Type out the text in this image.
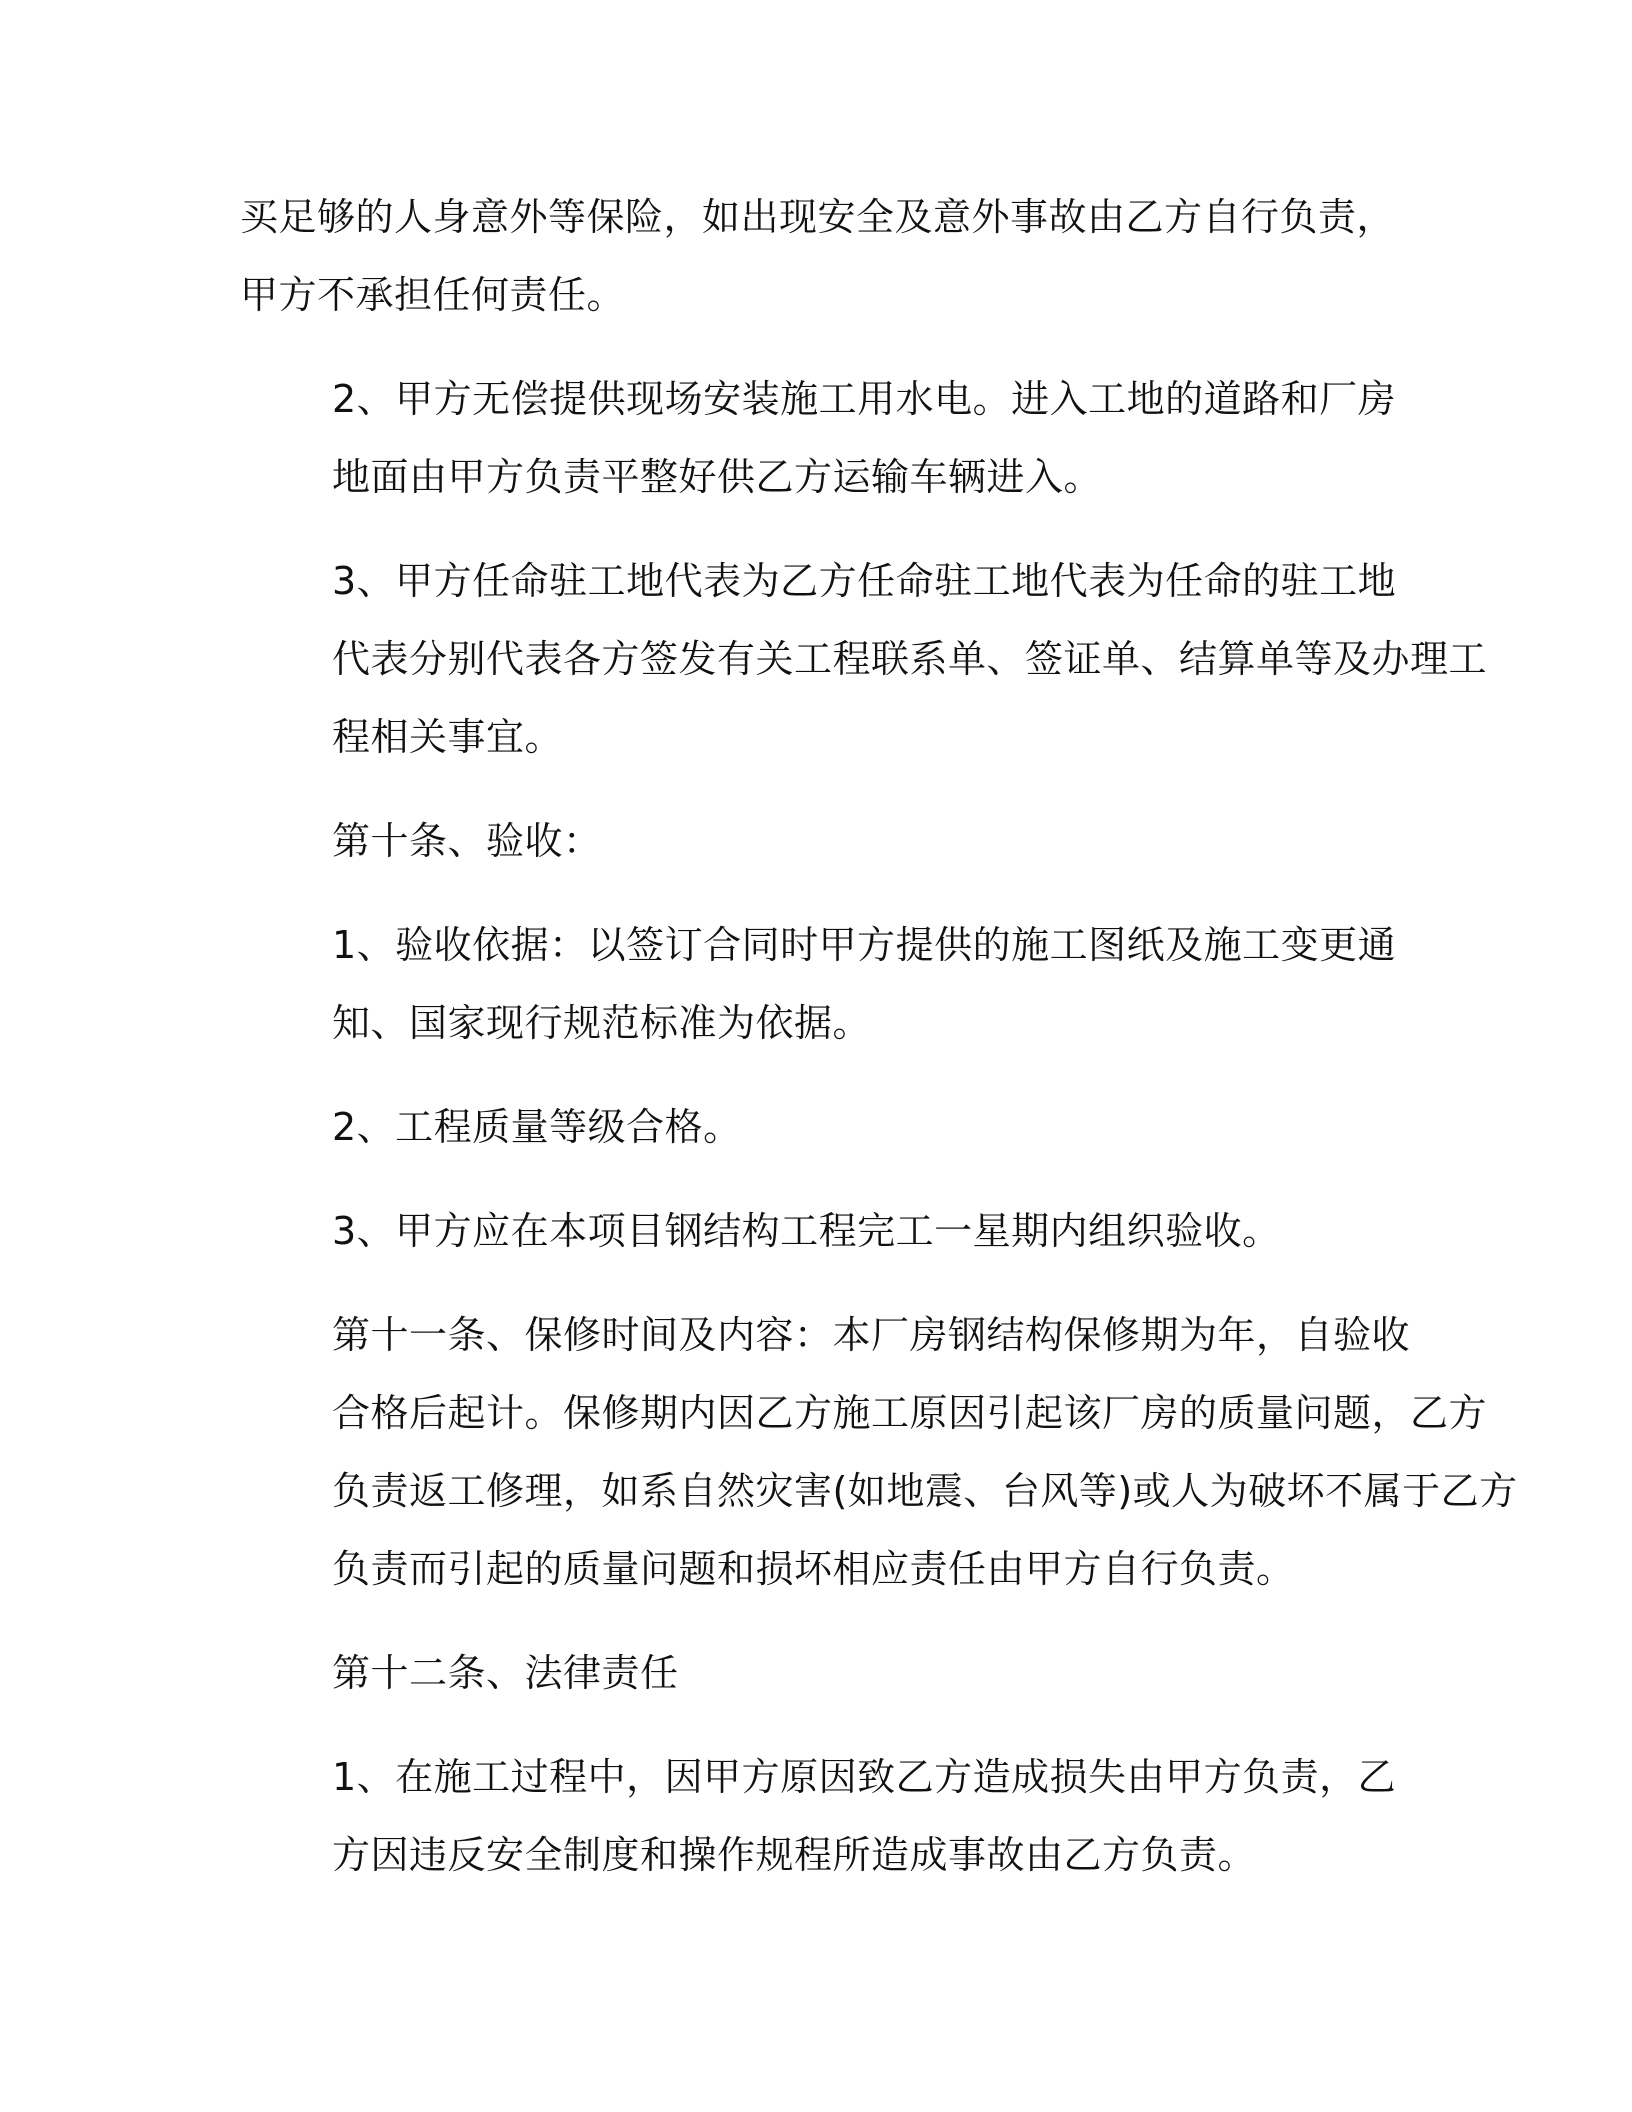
买足够的人身意外等保险，如出现安全及意外事故由乙方自行负责，
甲方不承担任何责任。
2、甲方无偿提供现场安装施工用水电。进入工地的道路和厂房
地面由甲方负责平整好供乙方运输车辆进入。
3、甲方任命驻工地代表为乙方任命驻工地代表为任命的驻工地
代表分别代表各方签发有关工程联系单、签证单、结算单等及办理工
程相关事宜。
第十条、验收：
1、验收依据：以签订合同时甲方提供的施工图纸及施工变更通
知、国家现行规范标准为依据。
2、工程质量等级合格。
3、甲方应在本项目钢结构工程完工一星期内组织验收。
第十一条、保修时间及内容：本厂房钢结构保修期为年，自验收
合格后起计。保修期内因乙方施工原因引起该厂房的质量问题，乙方
负责返工修理，如系自然灾害(如地震、台风等)或人为破坏不属于乙方
负责而引起的质量问题和损坏相应责任由甲方自行负责。
第十二条、法律责任
1、在施工过程中，因甲方原因致乙方造成损失由甲方负责，乙
方因违反安全制度和操作规程所造成事故由乙方负责。
